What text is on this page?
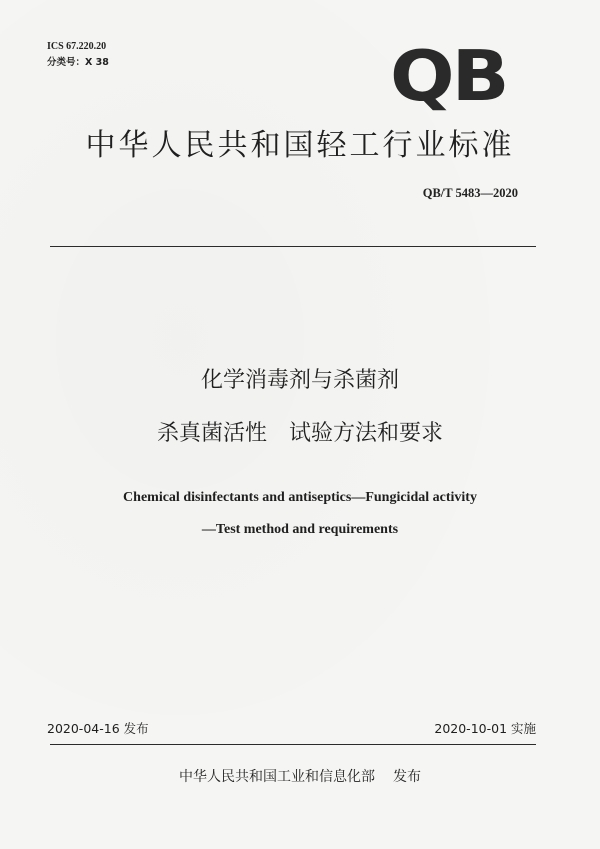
ICS 67.220.20
分类号：X 38	QB
中华人民共和国轻工行业标准
QB/T 5483—2020
化学消毒剂与杀菌剂
杀真菌活性　试验方法和要求
Chemical disinfectants and antiseptics—Fungicidal activity
—Test method and requirements
2020-04-16 发布	2020-10-01 实施
中华人民共和国工业和信息化部 发布
